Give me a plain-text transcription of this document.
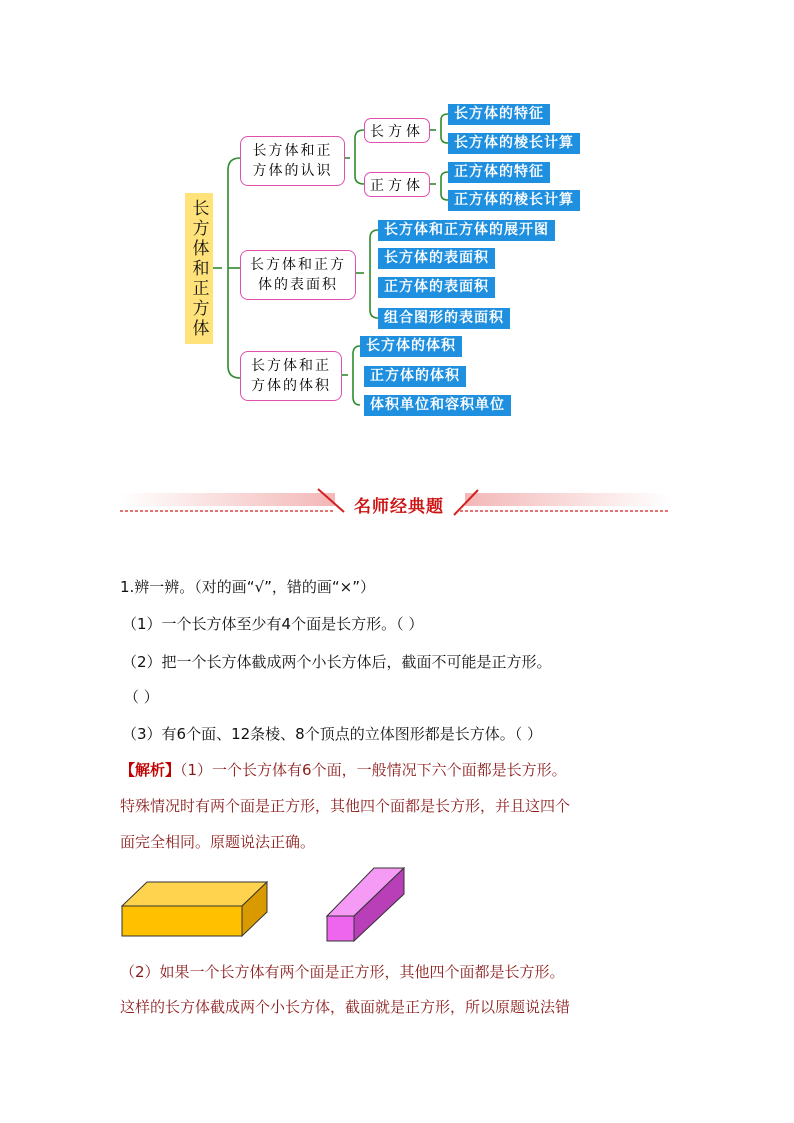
长方体和正方体
长方体和正方体的认识
长方体
长方体的特征
长方体的棱长计算
正方体
正方体的特征
正方体的棱长计算
长方体和正方体的表面积
长方体和正方体的展开图
长方体的表面积
正方体的表面积
组合图形的表面积
长方体和正方体的体积
长方体的体积
正方体的体积
体积单位和容积单位
名师经典题
1.辨一辨。（对的画“√”，错的画“×”）
（1）一个长方体至少有4个面是长方形。（ ）
（2）把一个长方体截成两个小长方体后，截面不可能是正方形。
（ ）
（3）有6个面、12条棱、8个顶点的立体图形都是长方体。（ ）
【解析】（1）一个长方体有6个面，一般情况下六个面都是长方形。
特殊情况时有两个面是正方形，其他四个面都是长方形，并且这四个
面完全相同。原题说法正确。
（2）如果一个长方体有两个面是正方形，其他四个面都是长方形。
这样的长方体截成两个小长方体，截面就是正方形，所以原题说法错
